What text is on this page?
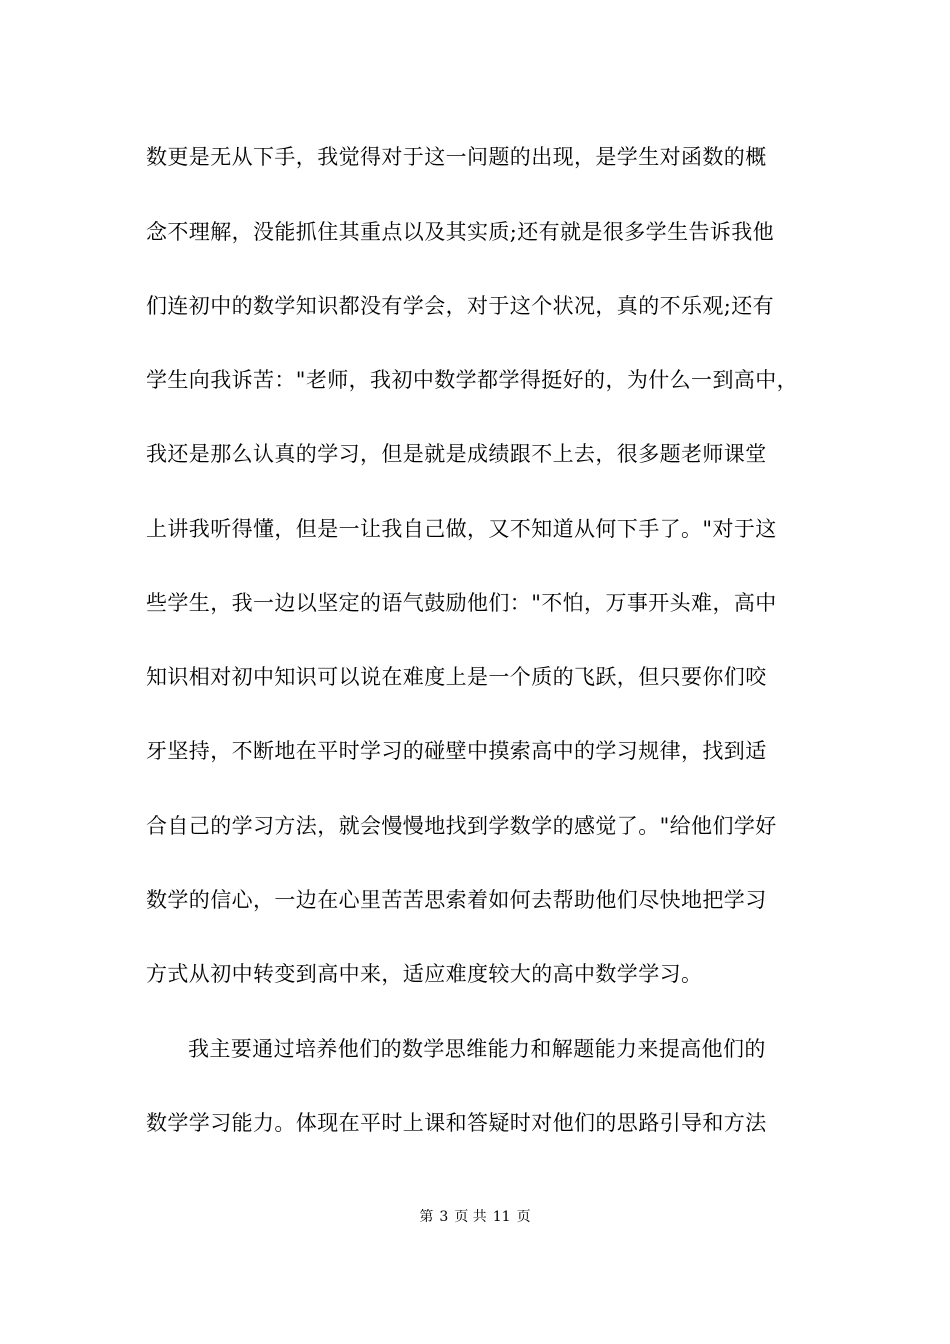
数更是无从下手，我觉得对于这一问题的出现，是学生对函数的概
念不理解，没能抓住其重点以及其实质;还有就是很多学生告诉我他
们连初中的数学知识都没有学会，对于这个状况，真的不乐观;还有
学生向我诉苦："老师，我初中数学都学得挺好的，为什么一到高中，
我还是那么认真的学习，但是就是成绩跟不上去，很多题老师课堂
上讲我听得懂，但是一让我自己做，又不知道从何下手了。"对于这
些学生，我一边以坚定的语气鼓励他们："不怕，万事开头难，高中
知识相对初中知识可以说在难度上是一个质的飞跃，但只要你们咬
牙坚持，不断地在平时学习的碰壁中摸索高中的学习规律，找到适
合自己的学习方法，就会慢慢地找到学数学的感觉了。"给他们学好
数学的信心，一边在心里苦苦思索着如何去帮助他们尽快地把学习
方式从初中转变到高中来，适应难度较大的高中数学学习。
我主要通过培养他们的数学思维能力和解题能力来提高他们的
数学学习能力。体现在平时上课和答疑时对他们的思路引导和方法
第 3 页 共 11 页
